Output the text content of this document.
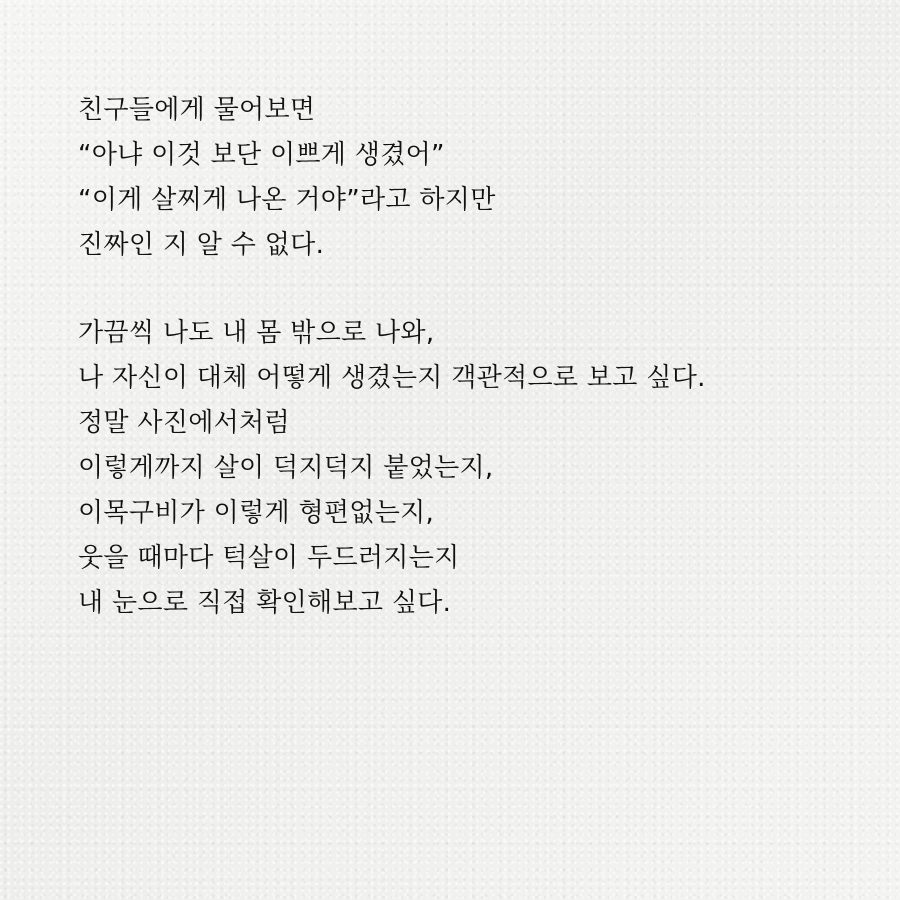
친구들에게 물어보면
“아냐 이것 보단 이쁘게 생겼어”
“이게 살찌게 나온 거야”라고 하지만
진짜인 지 알 수 없다.
가끔씩 나도 내 몸 밖으로 나와,
나 자신이 대체 어떻게 생겼는지 객관적으로 보고 싶다.
정말 사진에서처럼
이렇게까지 살이 덕지덕지 붙었는지,
이목구비가 이렇게 형편없는지,
웃을 때마다 턱살이 두드러지는지
내 눈으로 직접 확인해보고 싶다.
